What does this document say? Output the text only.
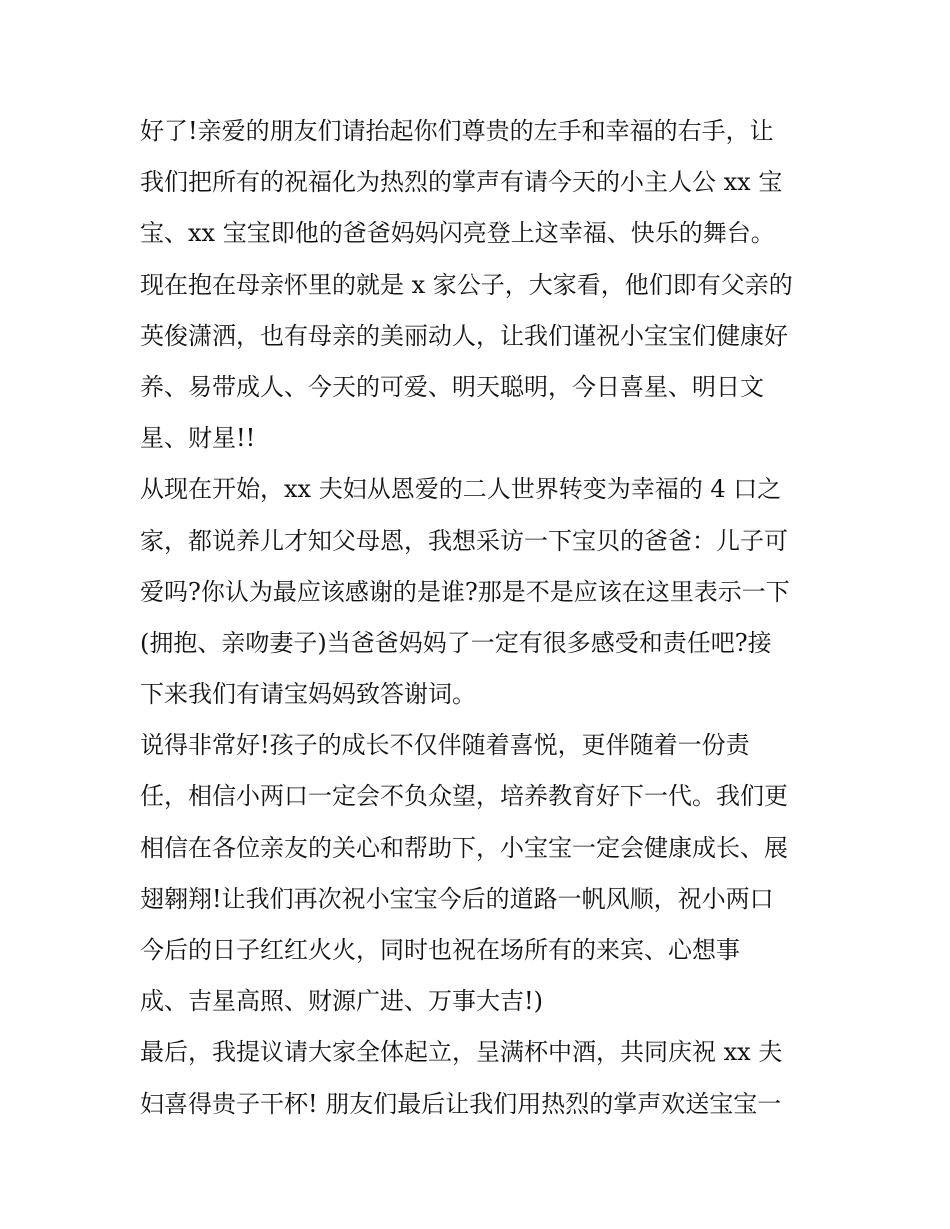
好了!亲爱的朋友们请抬起你们尊贵的左手和幸福的右手，让
我们把所有的祝福化为热烈的掌声有请今天的小主人公 xx 宝
宝、xx 宝宝即他的爸爸妈妈闪亮登上这幸福、快乐的舞台。
现在抱在母亲怀里的就是 x 家公子，大家看，他们即有父亲的
英俊潇洒，也有母亲的美丽动人，让我们谨祝小宝宝们健康好
养、易带成人、今天的可爱、明天聪明，今日喜星、明日文
星、财星!!
从现在开始，xx 夫妇从恩爱的二人世界转变为幸福的 4 口之
家，都说养儿才知父母恩，我想采访一下宝贝的爸爸：儿子可
爱吗?你认为最应该感谢的是谁?那是不是应该在这里表示一下
(拥抱、亲吻妻子)当爸爸妈妈了一定有很多感受和责任吧?接
下来我们有请宝妈妈致答谢词。
说得非常好!孩子的成长不仅伴随着喜悦，更伴随着一份责
任，相信小两口一定会不负众望，培养教育好下一代。我们更
相信在各位亲友的关心和帮助下，小宝宝一定会健康成长、展
翅翱翔!让我们再次祝小宝宝今后的道路一帆风顺，祝小两口
今后的日子红红火火，同时也祝在场所有的来宾、心想事
成、吉星高照、财源广进、万事大吉!)
最后，我提议请大家全体起立，呈满杯中酒，共同庆祝 xx 夫
妇喜得贵子干杯! 朋友们最后让我们用热烈的掌声欢送宝宝一
